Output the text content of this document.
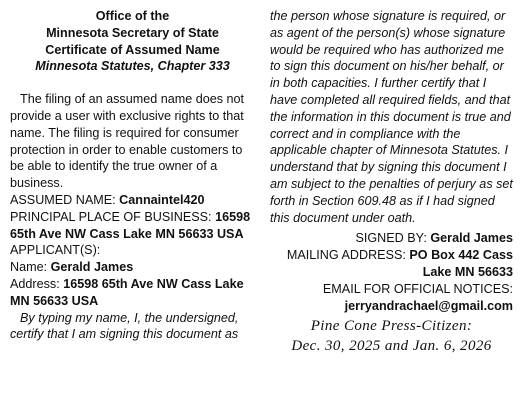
Office of the
Minnesota Secretary of State
Certificate of Assumed Name
Minnesota Statutes, Chapter 333
The filing of an assumed name does not provide a user with exclusive rights to that name. The filing is required for consumer protection in order to enable customers to be able to identify the true owner of a business.
ASSUMED NAME: Cannaintel420
PRINCIPAL PLACE OF BUSINESS: 16598 65th Ave NW Cass Lake MN 56633 USA
APPLICANT(S):
Name: Gerald James
Address: 16598 65th Ave NW Cass Lake MN 56633 USA
By typing my name, I, the undersigned, certify that I am signing this document as
the person whose signature is required, or as agent of the person(s) whose signature would be required who has authorized me to sign this document on his/her behalf, or in both capacities. I further certify that I have completed all required fields, and that the information in this document is true and correct and in compliance with the applicable chapter of Minnesota Statutes. I understand that by signing this document I am subject to the penalties of perjury as set forth in Section 609.48 as if I had signed this document under oath.
SIGNED BY: Gerald James
MAILING ADDRESS: PO Box 442 Cass Lake MN 56633
EMAIL FOR OFFICIAL NOTICES:
jerryandrachael@gmail.com
Pine Cone Press-Citizen:
Dec. 30, 2025 and Jan. 6, 2026
